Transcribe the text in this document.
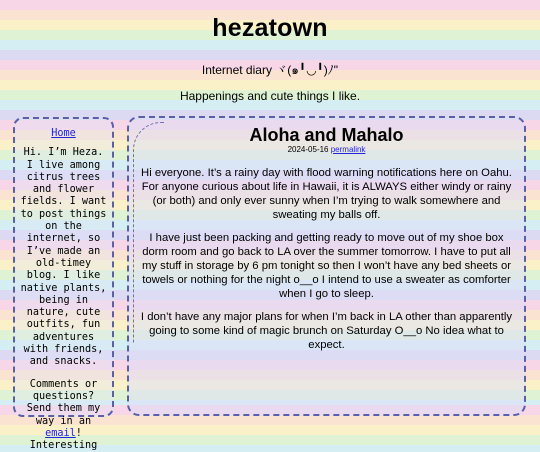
hezatown
Internet diary ヾ(๑╹◡╹)ﾉ"
Happenings and cute things I like.
Home

Hi. I’m Heza. I live among citrus trees and flower fields. I want to post things on the internet, so I’ve made an old-timey blog. I like native plants, being in nature, cute outfits, fun adventures with friends, and snacks.

Comments or questions? Send them my way in an email! Interesting

Aloha and Mahalo
2024-05-16 permalink

Hi everyone. It’s a rainy day with flood warning notifications here on Oahu. For anyone curious about life in Hawaii, it is ALWAYS either windy or rainy (or both) and only ever sunny when I’m trying to walk somewhere and sweating my balls off.

I have just been packing and getting ready to move out of my shoe box dorm room and go back to LA over the summer tomorrow. I have to put all my stuff in storage by 6 pm tonight so then I won’t have any bed sheets or towels or nothing for the night o__o I intend to use a sweater as comforter when I go to sleep.

I don’t have any major plans for when I’m back in LA other than apparently going to some kind of magic brunch on Saturday O__o No idea what to expect.
